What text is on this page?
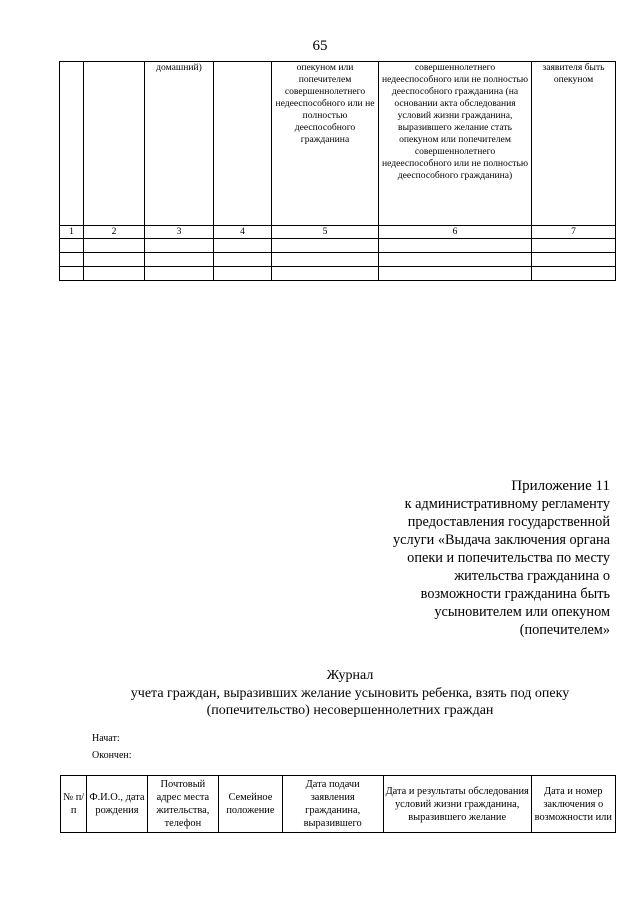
65
		домашний)		опекуном или попечителем совершеннолетнего недееспособного или не полностью дееспособного гражданина	совершеннолетнего недееспособного или не полностью дееспособного гражданина (на основании акта обследования условий жизни гражданина, выразившего желание стать опекуном или попечителем совершеннолетнего недееспособного или не полностью дееспособного гражданина)	заявителя быть опекуном
1	2	3	4	5	6	7

Приложение 11
к административному регламенту
предоставления государственной
услуги «Выдача заключения органа
опеки и попечительства по месту
жительства гражданина о
возможности гражданина быть
усыновителем или опекуном
(попечителем»
Журнал
учета граждан, выразивших желание усыновить ребенка, взять под опеку
(попечительство) несовершеннолетних граждан
Начат:
Окончен:
№ п/п	Ф.И.О., дата рождения	Почтовый адрес места жительства, телефон	Семейное положение	Дата подачи заявления гражданина, выразившего	Дата и результаты обследования условий жизни гражданина, выразившего желание	Дата и номер заключения о возможности или
